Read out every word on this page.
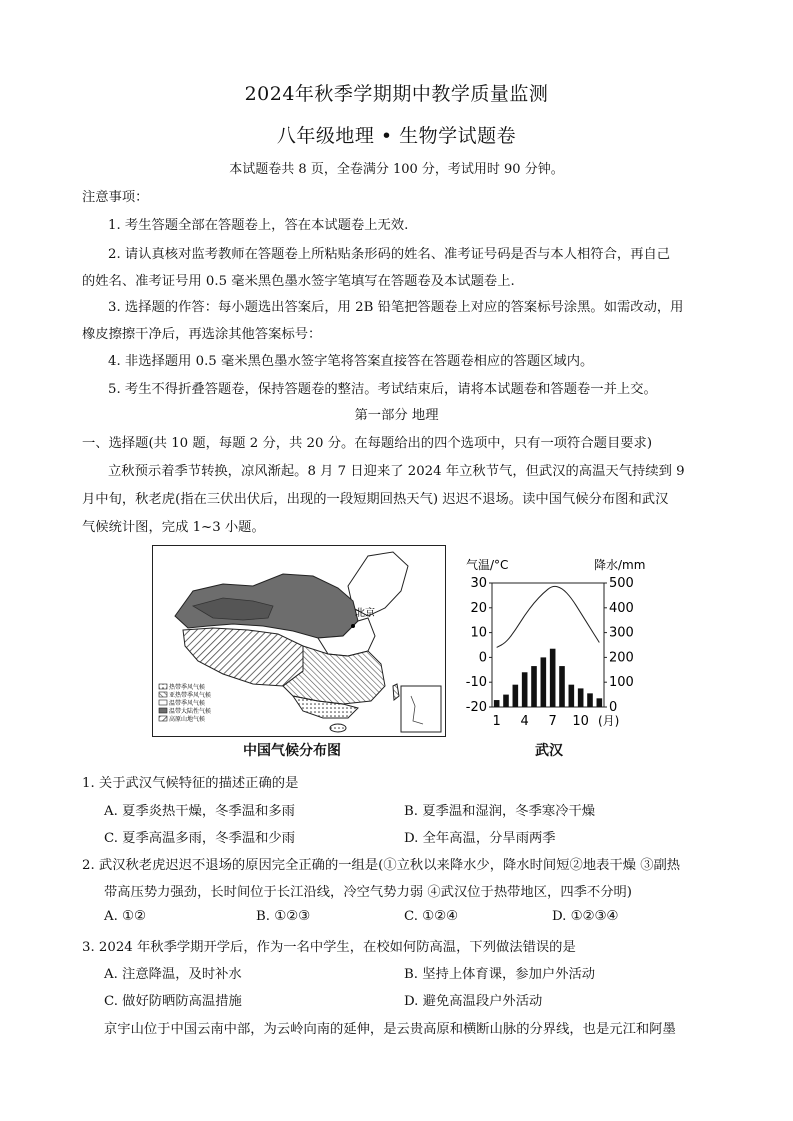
2024年秋季学期期中教学质量监测
八年级地理 • 生物学试题卷
本试题卷共 8 页，全卷满分 100 分，考试用时 90 分钟。
注意事项：
1. 考生答题全部在答题卷上，答在本试题卷上无效.
2. 请认真核对监考教师在答题卷上所粘贴条形码的姓名、准考证号码是否与本人相符合，再自己
的姓名、准考证号用 0.5 毫米黑色墨水签字笔填写在答题卷及本试题卷上.
3. 选择题的作答：每小题选出答案后，用 2B 铅笔把答题卷上对应的答案标号涂黑。如需改动，用
橡皮擦擦干净后，再选涂其他答案标号：
4. 非选择题用 0.5 毫米黑色墨水签字笔将答案直接答在答题卷相应的答题区域内。
5. 考生不得折叠答题卷，保持答题卷的整洁。考试结束后，请将本试题卷和答题卷一并上交。
第一部分 地理
一、选择题(共 10 题，每题 2 分，共 20 分。在每题给出的四个选项中，只有一项符合题目要求)
立秋预示着季节转换，凉风渐起。8 月 7 日迎来了 2024 年立秋节气，但武汉的高温天气持续到 9
月中旬，秋老虎(指在三伏出伏后，出现的一段短期回热天气) 迟迟不退场。读中国气候分布图和武汉
气候统计图，完成 1~3 小题。
北京
热带季风气候
亚热带季风气候
温带季风气候
温带大陆性气候
高原山地气候
中国气候分布图
气温/°C	降水/mm
30
20
10
0
-10
-20
500
400
300
200
100
0
1 4 7 10 (月)
武汉
1. 关于武汉气候特征的描述正确的是
A. 夏季炎热干燥，冬季温和多雨	B. 夏季温和湿润，冬季寒冷干燥
C. 夏季高温多雨，冬季温和少雨	D. 全年高温，分旱雨两季
2. 武汉秋老虎迟迟不退场的原因完全正确的一组是(①立秋以来降水少，降水时间短②地表干燥 ③副热
带高压势力强劲，长时间位于长江沿线，冷空气势力弱 ④武汉位于热带地区，四季不分明)
A. ①②	B. ①②③	C. ①②④	D. ①②③④
3. 2024 年秋季学期开学后，作为一名中学生，在校如何防高温，下列做法错误的是
A. 注意降温，及时补水	B. 坚持上体育课，参加户外活动
C. 做好防晒防高温措施	D. 避免高温段户外活动
京宇山位于中国云南中部，为云岭向南的延伸，是云贵高原和横断山脉的分界线，也是元江和阿墨
